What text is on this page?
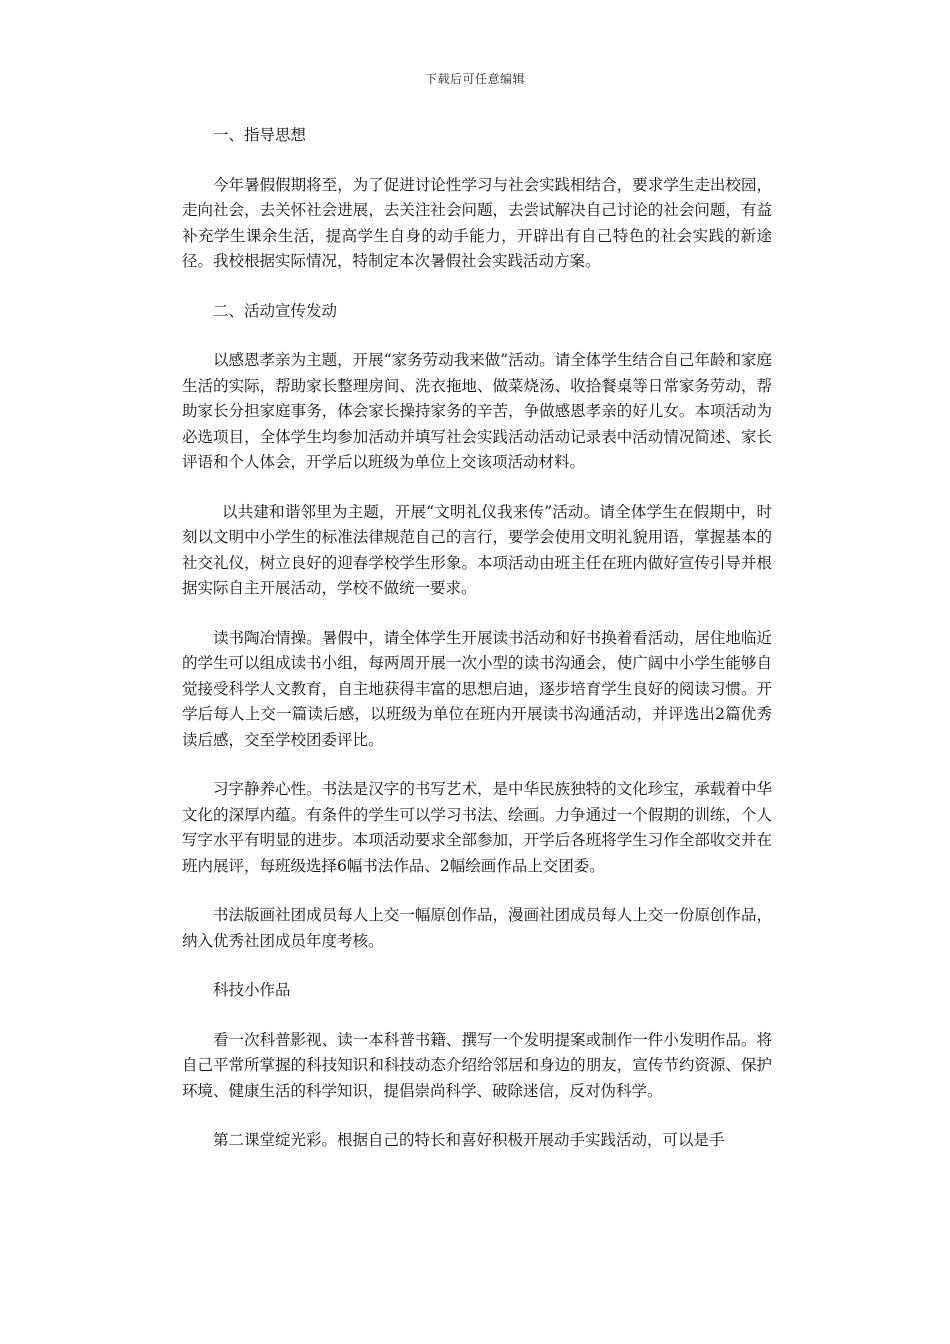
下载后可任意编辑

一、指导思想

今年暑假假期将至，为了促进讨论性学习与社会实践相结合，要求学生走出校园，走向社会，去关怀社会进展，去关注社会问题，去尝试解决自己讨论的社会问题，有益补充学生课余生活，提高学生自身的动手能力，开辟出有自己特色的社会实践的新途径。我校根据实际情况，特制定本次暑假社会实践活动方案。

二、活动宣传发动

以感恩孝亲为主题，开展“家务劳动我来做”活动。请全体学生结合自己年龄和家庭生活的实际，帮助家长整理房间、洗衣拖地、做菜烧汤、收拾餐桌等日常家务劳动，帮助家长分担家庭事务，体会家长操持家务的辛苦，争做感恩孝亲的好儿女。本项活动为必选项目，全体学生均参加活动并填写社会实践活动活动记录表中活动情况简述、家长评语和个人体会，开学后以班级为单位上交该项活动材料。

以共建和谐邻里为主题，开展“文明礼仪我来传”活动。请全体学生在假期中，时刻以文明中小学生的标准法律规范自己的言行，要学会使用文明礼貌用语，掌握基本的社交礼仪，树立良好的迎春学校学生形象。本项活动由班主任在班内做好宣传引导并根据实际自主开展活动，学校不做统一要求。

读书陶冶情操。暑假中，请全体学生开展读书活动和好书换着看活动，居住地临近的学生可以组成读书小组，每两周开展一次小型的读书沟通会，使广阔中小学生能够自觉接受科学人文教育，自主地获得丰富的思想启迪，逐步培育学生良好的阅读习惯。开学后每人上交一篇读后感，以班级为单位在班内开展读书沟通活动，并评选出2篇优秀读后感，交至学校团委评比。

习字静养心性。书法是汉字的书写艺术，是中华民族独特的文化珍宝，承载着中华文化的深厚内蕴。有条件的学生可以学习书法、绘画。力争通过一个假期的训练，个人写字水平有明显的进步。本项活动要求全部参加，开学后各班将学生习作全部收交并在班内展评，每班级选择6幅书法作品、2幅绘画作品上交团委。

书法版画社团成员每人上交一幅原创作品，漫画社团成员每人上交一份原创作品，纳入优秀社团成员年度考核。

科技小作品

看一次科普影视、读一本科普书籍、撰写一个发明提案或制作一件小发明作品。将自己平常所掌握的科技知识和科技动态介绍给邻居和身边的朋友，宣传节约资源、保护环境、健康生活的科学知识，提倡崇尚科学、破除迷信，反对伪科学。

第二课堂绽光彩。根据自己的特长和喜好积极开展动手实践活动，可以是手
